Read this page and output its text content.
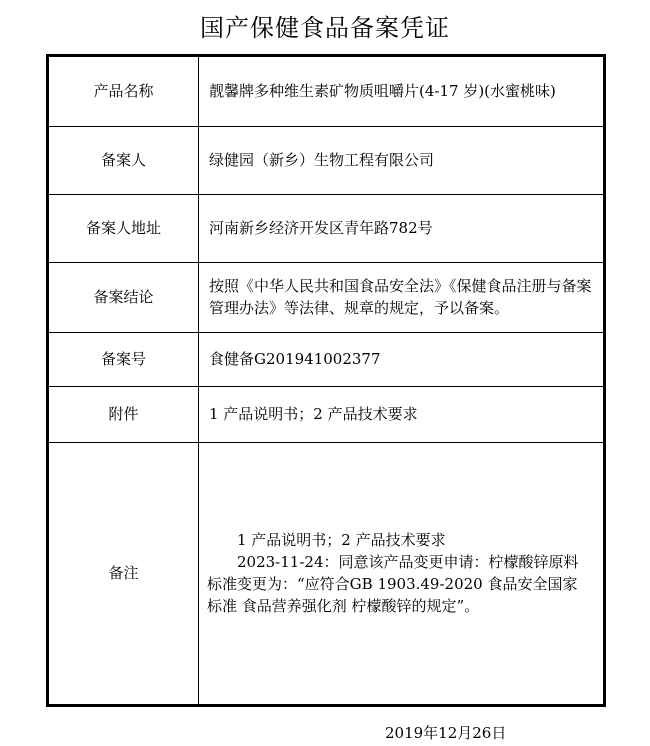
国产保健食品备案凭证
产品名称	靓馨牌多种维生素矿物质咀嚼片(4-17 岁)(水蜜桃味)
备案人	绿健园（新乡）生物工程有限公司
备案人地址	河南新乡经济开发区青年路782号
备案结论	按照《中华人民共和国食品安全法》《保健食品注册与备案管理办法》等法律、规章的规定，予以备案。
备案号	食健备G201941002377
附件	1 产品说明书；2 产品技术要求
备注	1 产品说明书；2 产品技术要求

2023-11-24：同意该产品变更申请：柠檬酸锌原料标准变更为：“应符合GB 1903.49-2020 食品安全国家标准 食品营养强化剂 柠檬酸锌的规定”。

2019年12月26日
